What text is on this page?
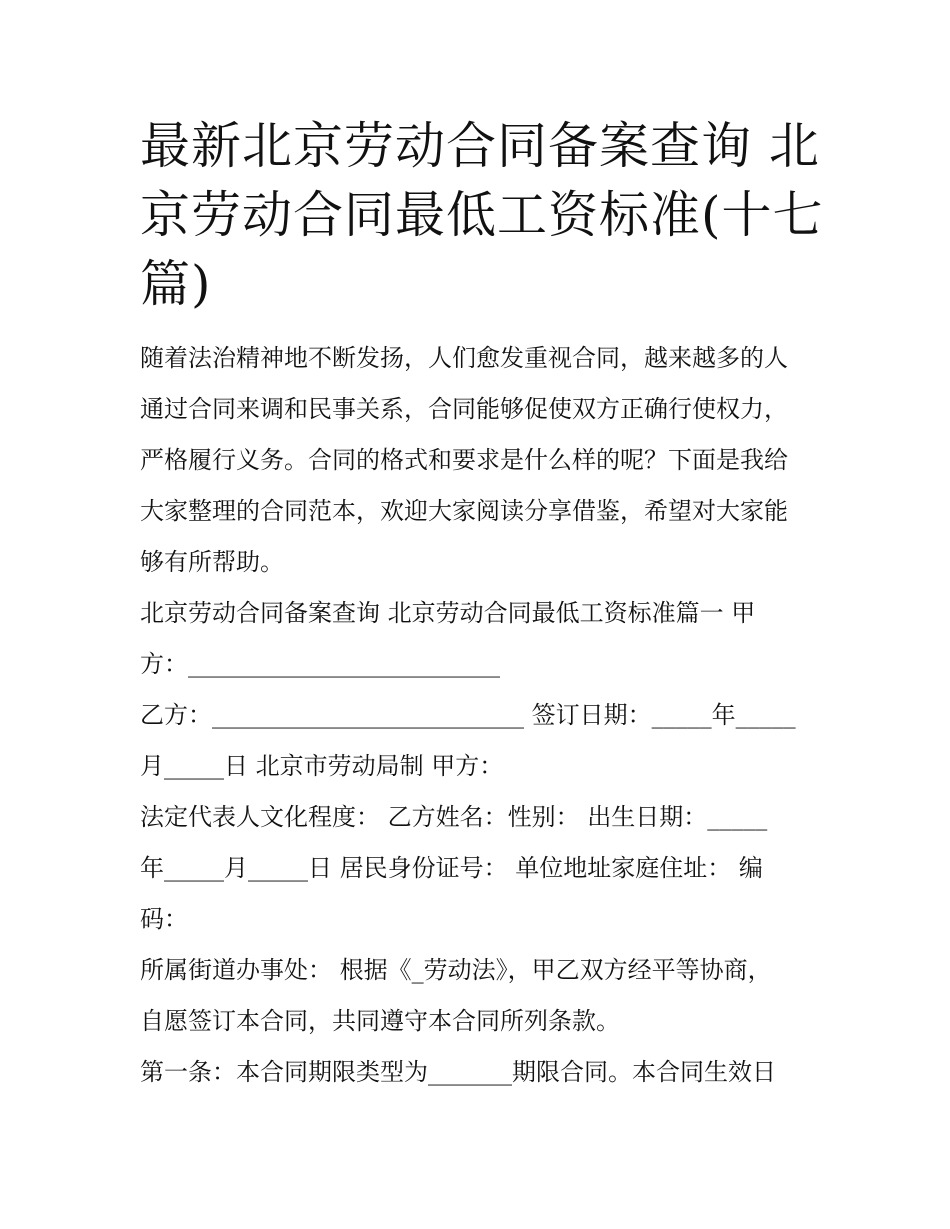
最新北京劳动合同备案查询 北
京劳动合同最低工资标准(十七
篇)

随着法治精神地不断发扬，人们愈发重视合同，越来越多的人
通过合同来调和民事关系，合同能够促使双方正确行使权力，
严格履行义务。合同的格式和要求是什么样的呢？下面是我给
大家整理的合同范本，欢迎大家阅读分享借鉴，希望对大家能
够有所帮助。

北京劳动合同备案查询 北京劳动合同最低工资标准篇一 甲
方：__________________________

乙方：__________________________ 签订日期：_____年_____
月_____日 北京市劳动局制 甲方：

法定代表人文化程度： 乙方姓名：性别： 出生日期：_____
年_____月_____日 居民身份证号： 单位地址家庭住址： 编
码：

所属街道办事处： 根据《_劳动法》，甲乙双方经平等协商，
自愿签订本合同，共同遵守本合同所列条款。

第一条：本合同期限类型为_______期限合同。本合同生效日
